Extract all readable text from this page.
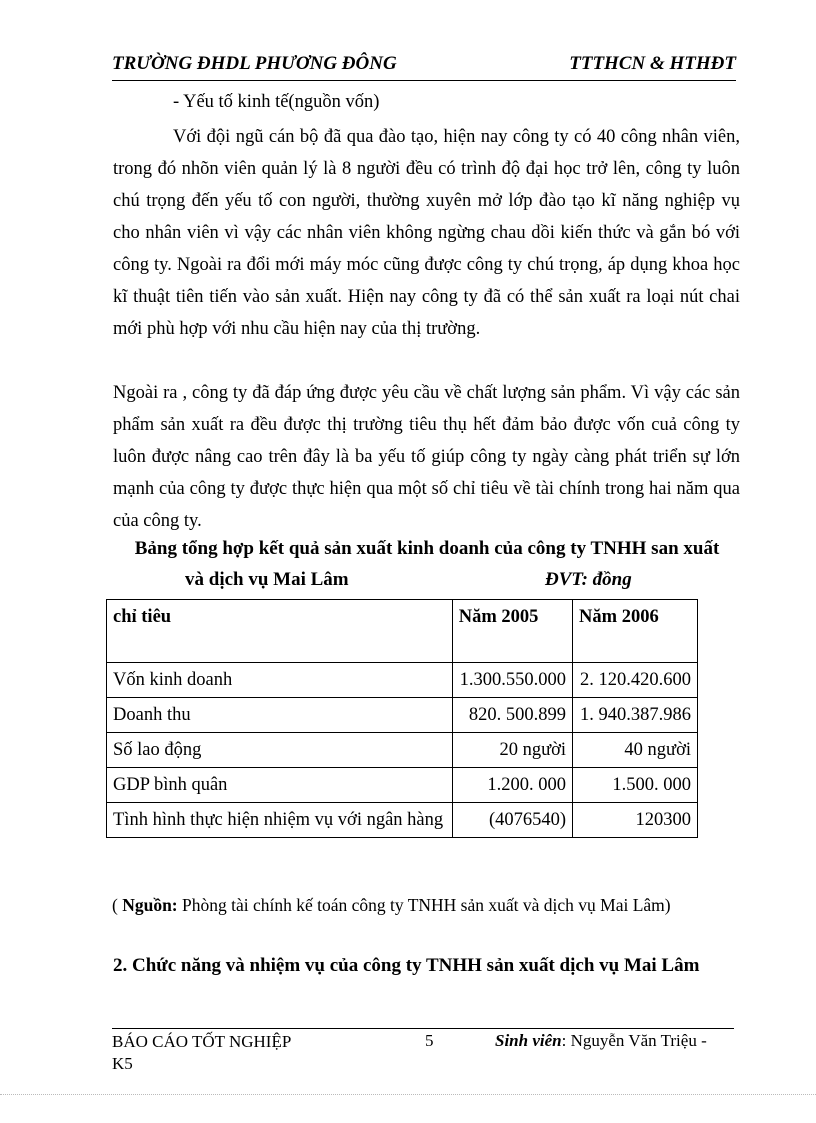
TRƯỜNG ĐHDL PHƯƠNG ĐÔNG	TTTHCN & HTHĐT
- Yếu tố kinh tế(nguồn vốn)
Với đội ngũ cán bộ đã qua đào tạo, hiện nay công ty có 40 công nhân viên, trong đó nhõn viên quản lý là 8 người đều có trình độ đại học trở lên, công ty luôn chú trọng đến yếu tố con người, thường xuyên mở lớp đào tạo kĩ năng nghiệp vụ cho nhân viên vì vậy các nhân viên không ngừng chau dồi kiến thức và gắn bó với công ty. Ngoài ra đổi mới máy móc cũng được công ty chú trọng, áp dụng khoa học kĩ thuật tiên tiến vào sản xuất. Hiện nay công ty đã có thể sản xuất ra loại nút chai mới phù hợp với nhu cầu hiện nay của thị trường.
Ngoài ra , công ty đã đáp ứng được yêu cầu về chất lượng sản phẩm. Vì vậy các sản phẩm sản xuất ra đều được thị trường tiêu thụ hết đảm bảo được vốn cuả công ty luôn được nâng cao trên đây là ba yếu tố giúp công ty ngày càng phát triển sự lớn mạnh của công ty được thực hiện qua một số chỉ tiêu về tài chính trong hai năm qua của công ty.
Bảng tổng hợp kết quả sản xuất kinh doanh của công ty TNHH san xuất
và dịch vụ Mai Lâm	ĐVT: đồng
chỉ tiêu	Năm 2005	Năm 2006
Vốn kinh doanh	1.300.550.000	2. 120.420.600
Doanh thu	820. 500.899	1. 940.387.986
Số lao động	20 người	40 người
GDP bình quân	1.200. 000	1.500. 000
Tình hình thực hiện nhiệm vụ với ngân hàng	(4076540)	120300
( Nguồn: Phòng tài chính kế toán công ty TNHH sản xuất và dịch vụ Mai Lâm)
2. Chức năng và nhiệm vụ của công ty TNHH sản xuất dịch vụ Mai Lâm
BÁO CÁO TỐT NGHIỆP
K5
5	Sinh viên: Nguyễn Văn Triệu -
